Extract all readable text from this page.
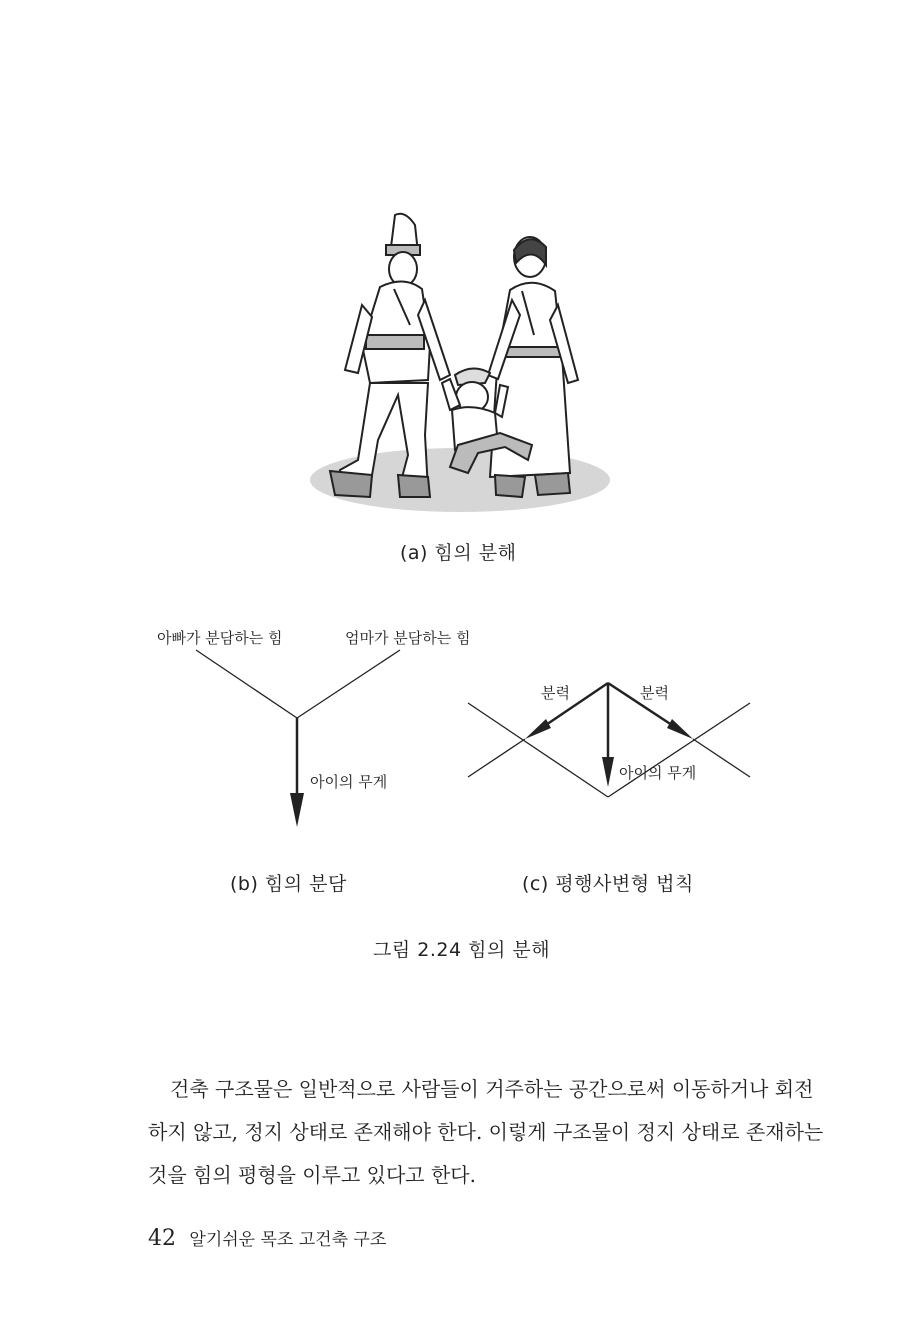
(a) 힘의 분해
아빠가 분담하는 힘	엄마가 분담하는 힘
아이의 무게
분력	분력
아이의 무게
(b) 힘의 분담	(c) 평행사변형 법칙
그림 2.24 힘의 분해

건축 구조물은 일반적으로 사람들이 거주하는 공간으로써 이동하거나 회전

하지 않고, 정지 상태로 존재해야 한다. 이렇게 구조물이 정지 상태로 존재하는

것을 힘의 평형을 이루고 있다고 한다.

42 알기쉬운 목조 고건축 구조
